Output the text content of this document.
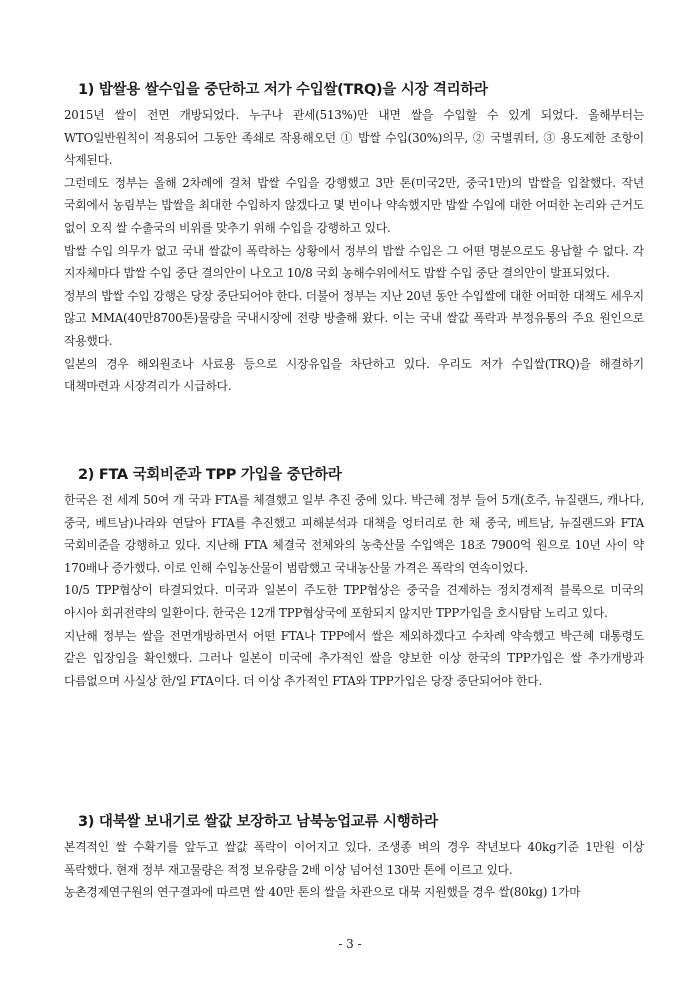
1) 밥쌀용 쌀수입을 중단하고 저가 수입쌀(TRQ)을 시장 격리하라

2015년 쌀이 전면 개방되었다. 누구나 관세(513%)만 내면 쌀을 수입할 수 있게 되었다. 올해부터는 WTO일반원칙이 적용되어 그동안 족쇄로 작용해오던 ① 밥쌀 수입(30%)의무, ② 국별쿼터, ③ 용도제한 조항이 삭제된다.

그런데도 정부는 올해 2차례에 걸쳐 밥쌀 수입을 강행했고 3만 톤(미국2만, 중국1만)의 밥쌀을 입찰했다. 작년 국회에서 농림부는 밥쌀을 최대한 수입하지 않겠다고 몇 번이나 약속했지만 밥쌀 수입에 대한 어떠한 논리와 근거도 없이 오직 쌀 수출국의 비위를 맞추기 위해 수입을 강행하고 있다.

밥쌀 수입 의무가 없고 국내 쌀값이 폭락하는 상황에서 정부의 밥쌀 수입은 그 어떤 명분으로도 용납할 수 없다. 각 지자체마다 밥쌀 수입 중단 결의안이 나오고 10/8 국회 농해수위에서도 밥쌀 수입 중단 결의안이 발표되었다.

정부의 밥쌀 수입 강행은 당장 중단되어야 한다. 더불어 정부는 지난 20년 동안 수입쌀에 대한 어떠한 대책도 세우지 않고 MMA(40만8700톤)물량을 국내시장에 전량 방출해 왔다. 이는 국내 쌀값 폭락과 부정유통의 주요 원인으로 작용했다.

일본의 경우 해외원조나 사료용 등으로 시장유입을 차단하고 있다. 우리도 저가 수입쌀(TRQ)을 해결하기 대책마련과 시장격리가 시급하다.

2) FTA 국회비준과 TPP 가입을 중단하라

한국은 전 세계 50여 개 국과 FTA를 체결했고 일부 추진 중에 있다. 박근혜 정부 들어 5개(호주, 뉴질랜드, 캐나다, 중국, 베트남)나라와 연달아 FTA를 추진했고 피해분석과 대책을 엉터리로 한 채 중국, 베트남, 뉴질랜드와 FTA 국회비준을 강행하고 있다. 지난해 FTA 체결국 전체와의 농축산물 수입액은 18조 7900억 원으로 10년 사이 약 170배나 증가했다. 이로 인해 수입농산물이 범람했고 국내농산물 가격은 폭락의 연속이었다.

10/5 TPP협상이 타결되었다. 미국과 일본이 주도한 TPP협상은 중국을 견제하는 정치경제적 블록으로 미국의 아시아 회귀전략의 일환이다. 한국은 12개 TPP협상국에 포함되지 않지만 TPP가입을 호시탐탐 노리고 있다.

지난해 정부는 쌀을 전면개방하면서 어떤 FTA나 TPP에서 쌀은 제외하겠다고 수차례 약속했고 박근혜 대통령도 같은 입장임을 확인했다. 그러나 일본이 미국에 추가적인 쌀을 양보한 이상 한국의 TPP가입은 쌀 추가개방과 다름없으며 사실상 한/일 FTA이다. 더 이상 추가적인 FTA와 TPP가입은 당장 중단되어야 한다.

3) 대북쌀 보내기로 쌀값 보장하고 남북농업교류 시행하라

본격적인 쌀 수확기를 앞두고 쌀값 폭락이 이어지고 있다. 조생종 벼의 경우 작년보다 40kg기준 1만원 이상 폭락했다. 현재 정부 재고물량은 적정 보유량을 2배 이상 넘어선 130만 톤에 이르고 있다.

농촌경제연구원의 연구결과에 따르면 쌀 40만 톤의 쌀을 차관으로 대북 지원했을 경우 쌀(80kg) 1가마

- 3 -
